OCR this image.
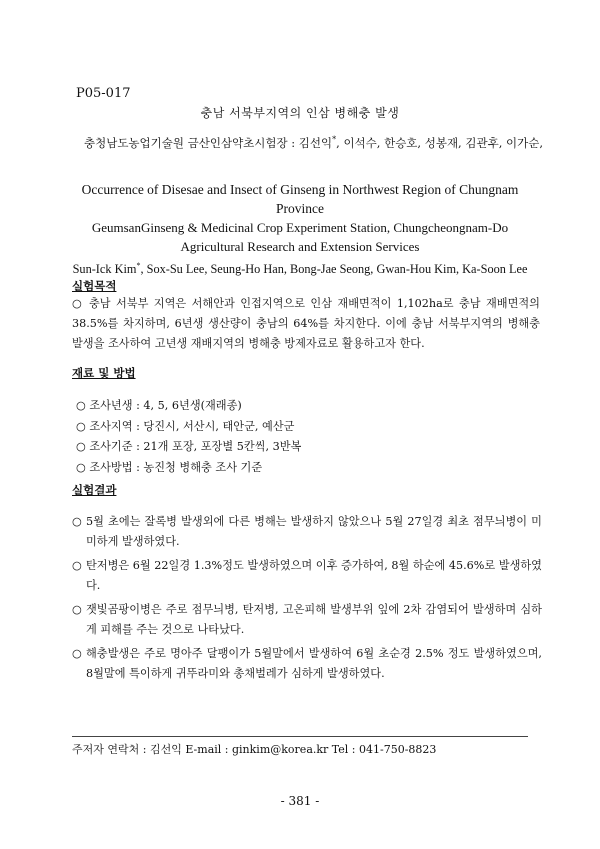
P05-017
충남 서북부지역의 인삼 병해충 발생
충청남도농업기술원 금산인삼약초시험장 : 김선익*, 이석수, 한승호, 성봉재, 김관후, 이가순,
Occurrence of Disesae and Insect of Ginseng in Northwest Region of Chungnam Province
GeumsanGinseng & Medicinal Crop Experiment Station, Chungcheongnam-Do Agricultural Research and Extension Services
Sun-Ick Kim*, Sox-Su Lee, Seung-Ho Han, Bong-Jae Seong, Gwan-Hou Kim, Ka-Soon Lee
실험목적
○ 충남 서북부 지역은 서해안과 인접지역으로 인삼 재배면적이 1,102ha로 충남 재배면적의 38.5%를 차지하며, 6년생 생산량이 충남의 64%를 차지한다. 이에 충남 서북부지역의 병해충 발생을 조사하여 고년생 재배지역의 병해충 방제자료로 활용하고자 한다.
재료 및 방법
○ 조사년생 : 4, 5, 6년생(재래종)
○ 조사지역 : 당진시, 서산시, 태안군, 예산군
○ 조사기준 : 21개 포장, 포장별 5칸씩, 3반복
○ 조사방법 : 농진청 병해충 조사 기준
실험결과
○ 5월 초에는 잘록병 발생외에 다른 병해는 발생하지 않았으나 5월 27일경 최초 점무늬병이 미미하게 발생하였다.
○ 탄저병은 6월 22일경 1.3%정도 발생하였으며 이후 증가하여, 8월 하순에 45.6%로 발생하였다.
○ 잿빛곰팡이병은 주로 점무늬병, 탄저병, 고온피해 발생부위 잎에 2차 감염되어 발생하며 심하게 피해를 주는 것으로 나타났다.
○ 해충발생은 주로 명아주 달팽이가 5월말에서 발생하여 6월 초순경 2.5% 정도 발생하였으며, 8월말에 특이하게 귀뚜라미와 총채벌레가 심하게 발생하였다.
주저자 연락처 : 김선익 E-mail : ginkim@korea.kr Tel : 041-750-8823
- 381 -
